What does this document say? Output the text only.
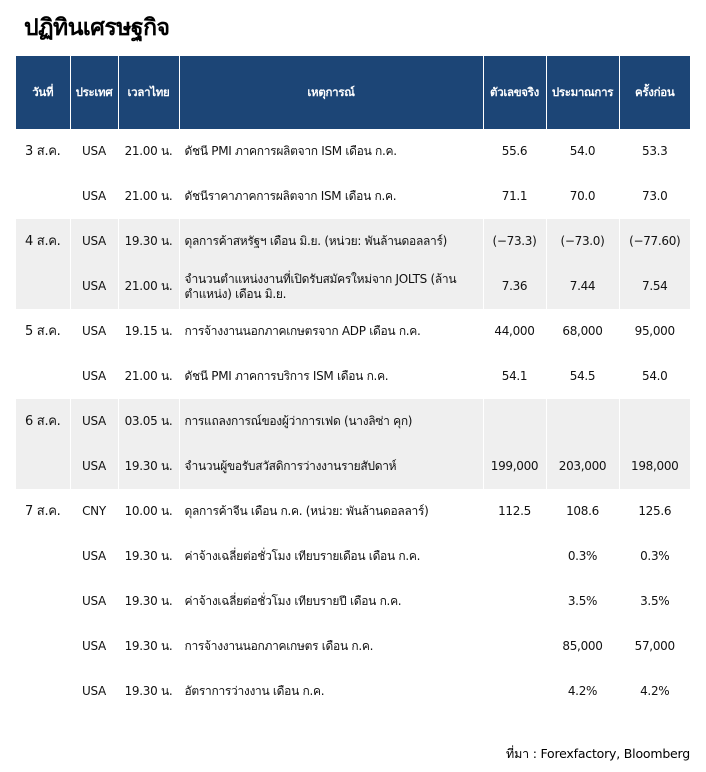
ปฏิทินเศรษฐกิจ
วันที่	ประเทศ	เวลาไทย	เหตุการณ์	ตัวเลขจริง	ประมาณการ	ครั้งก่อน
3 ส.ค.	USA	21.00 น.	ดัชนี PMI ภาคการผลิตจาก ISM เดือน ก.ค.	55.6	54.0	53.3
	USA	21.00 น.	ดัชนีราคาภาคการผลิตจาก ISM เดือน ก.ค.	71.1	70.0	73.0
4 ส.ค.	USA	19.30 น.	ดุลการค้าสหรัฐฯ เดือน มิ.ย. (หน่วย: พันล้านดอลลาร์)	(−73.3)	(−73.0)	(−77.60)
	USA	21.00 น.	จำนวนตำแหน่งงานที่เปิดรับสมัครใหม่จาก JOLTS (ล้านตำแหน่ง) เดือน มิ.ย.	7.36	7.44	7.54
5 ส.ค.	USA	19.15 น.	การจ้างงานนอกภาคเกษตรจาก ADP เดือน ก.ค.	44,000	68,000	95,000
	USA	21.00 น.	ดัชนี PMI ภาคการบริการ ISM เดือน ก.ค.	54.1	54.5	54.0
6 ส.ค.	USA	03.05 น.	การแถลงการณ์ของผู้ว่าการเฟด (นางลิซ่า คุก)			
	USA	19.30 น.	จำนวนผู้ขอรับสวัสดิการว่างงานรายสัปดาห์	199,000	203,000	198,000
7 ส.ค.	CNY	10.00 น.	ดุลการค้าจีน เดือน ก.ค. (หน่วย: พันล้านดอลลาร์)	112.5	108.6	125.6
	USA	19.30 น.	ค่าจ้างเฉลี่ยต่อชั่วโมง เทียบรายเดือน เดือน ก.ค.		0.3%	0.3%
	USA	19.30 น.	ค่าจ้างเฉลี่ยต่อชั่วโมง เทียบรายปี เดือน ก.ค.		3.5%	3.5%
	USA	19.30 น.	การจ้างงานนอกภาคเกษตร เดือน ก.ค.		85,000	57,000
	USA	19.30 น.	อัตราการว่างงาน เดือน ก.ค.		4.2%	4.2%
ที่มา : Forexfactory, Bloomberg
